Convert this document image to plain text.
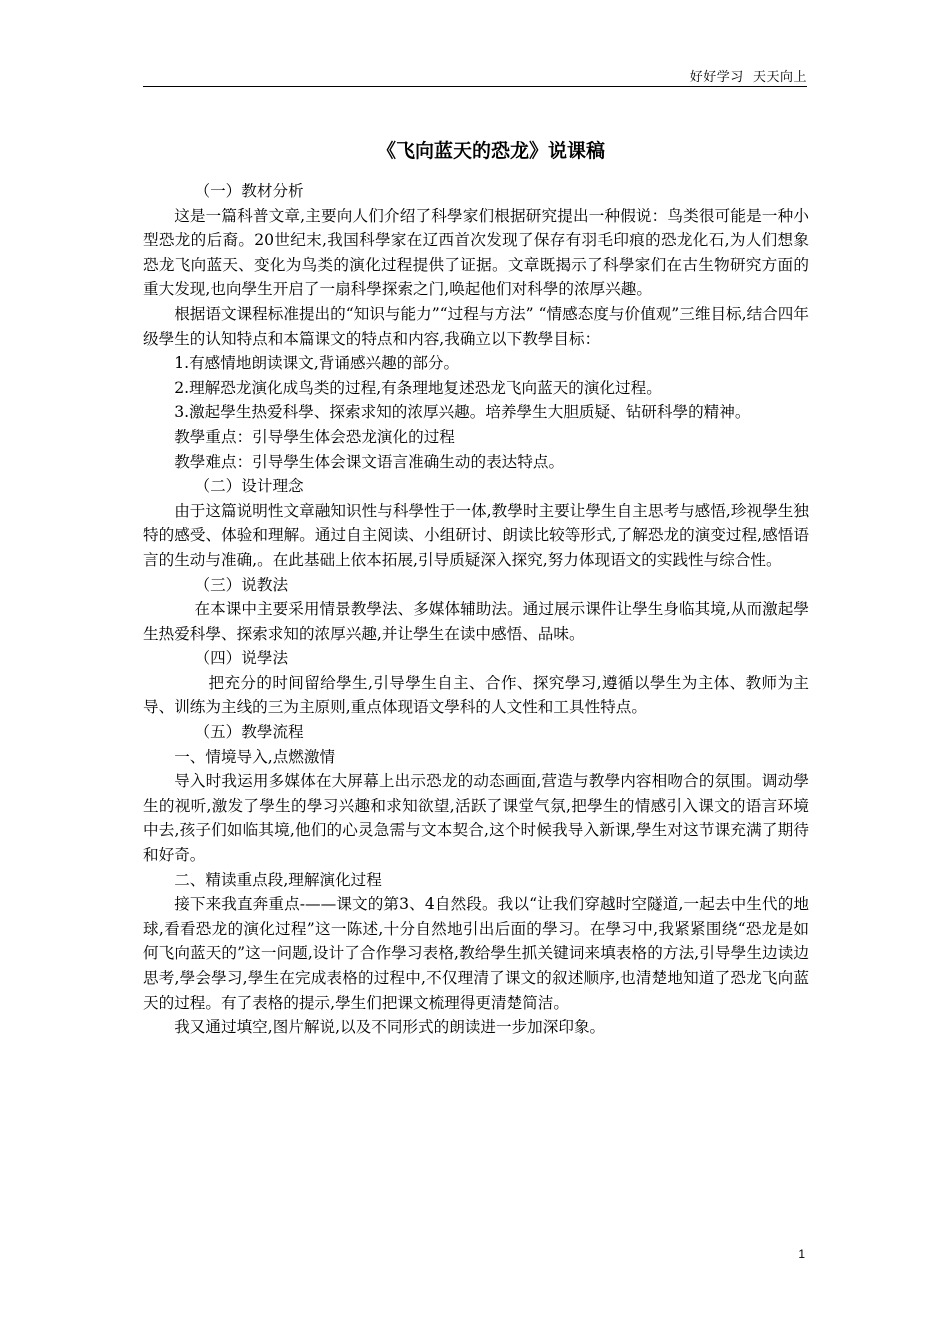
好好学习  天天向上
《飞向蓝天的恐龙》说课稿

（一）教材分析

这是一篇科普文章,主要向人们介绍了科學家们根据研究提出一种假说：鸟类很可能是一种小型恐龙的后裔。20世纪末,我国科學家在辽西首次发现了保存有羽毛印痕的恐龙化石,为人们想象恐龙飞向蓝天、变化为鸟类的演化过程提供了证据。文章既揭示了科學家们在古生物研究方面的重大发现,也向學生开启了一扇科學探索之门,唤起他们对科學的浓厚兴趣。

根据语文课程标准提出的“知识与能力”“过程与方法” “情感态度与价值观”三维目标,结合四年级學生的认知特点和本篇课文的特点和内容,我确立以下教學目标：

1.有感情地朗读课文,背诵感兴趣的部分。

2.理解恐龙演化成鸟类的过程,有条理地复述恐龙飞向蓝天的演化过程。

3.激起學生热爱科學、探索求知的浓厚兴趣。培养學生大胆质疑、钻研科學的精神。

教學重点：引导學生体会恐龙演化的过程

教學难点：引导學生体会课文语言准确生动的表达特点。

（二）设计理念

由于这篇说明性文章融知识性与科學性于一体,教學时主要让學生自主思考与感悟,珍视學生独特的感受、体验和理解。通过自主阅读、小组研讨、朗读比较等形式,了解恐龙的演变过程,感悟语言的生动与准确,。在此基础上依本拓展,引导质疑深入探究,努力体现语文的实践性与综合性。

（三）说教法

在本课中主要采用情景教學法、多媒体辅助法。通过展示课件让學生身临其境,从而激起學生热爱科學、探索求知的浓厚兴趣,并让學生在读中感悟、品味。

（四）说學法

把充分的时间留给學生,引导學生自主、合作、探究學习,遵循以學生为主体、教师为主导、训练为主线的三为主原则,重点体现语文學科的人文性和工具性特点。

（五）教學流程

一、情境导入,点燃激情

导入时我运用多媒体在大屏幕上出示恐龙的动态画面,营造与教學内容相吻合的氛围。调动學生的视听,激发了學生的學习兴趣和求知欲望,活跃了课堂气氛,把學生的情感引入课文的语言环境中去,孩子们如临其境,他们的心灵急需与文本契合,这个时候我导入新课,學生对这节课充满了期待和好奇。

二、精读重点段,理解演化过程

接下来我直奔重点-——课文的第3、4自然段。我以“让我们穿越时空隧道,一起去中生代的地球,看看恐龙的演化过程”这一陈述,十分自然地引出后面的學习。在學习中,我紧紧围绕“恐龙是如何飞向蓝天的”这一问题,设计了合作學习表格,教给學生抓关键词来填表格的方法,引导學生边读边思考,學会學习,學生在完成表格的过程中,不仅理清了课文的叙述顺序,也清楚地知道了恐龙飞向蓝天的过程。有了表格的提示,學生们把课文梳理得更清楚简洁。

我又通过填空,图片解说,以及不同形式的朗读进一步加深印象。

1
